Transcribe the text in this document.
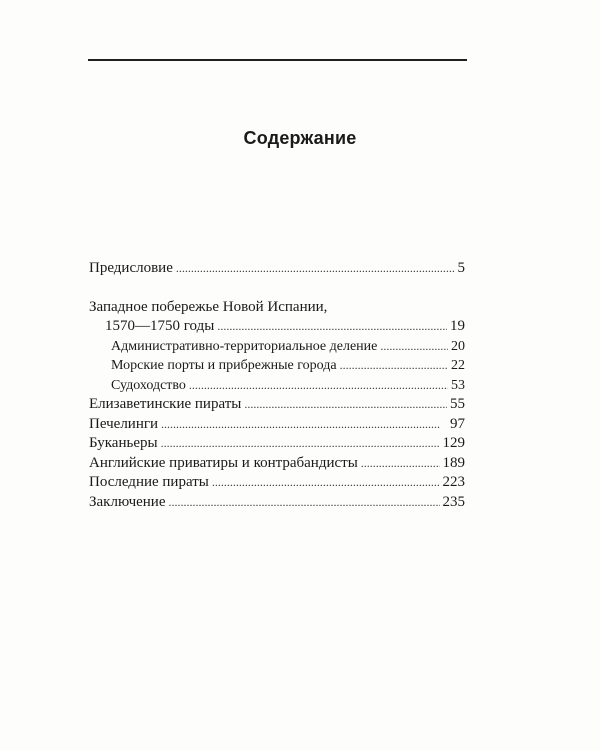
Содержание
Предисловие . . .	5
Западное побережье Новой Испании,
1570—1750 годы . . .	19
Административно-территориальное деление . . .	20
Морские порты и прибрежные города . . .	22
Судоходство . . .	53
Елизаветинские пираты . . .	55
Печелинги . . .	97
Буканьеры . . .	129
Английские приватиры и контрабандисты . . .	189
Последние пираты . . .	223
Заключение . . .	235
